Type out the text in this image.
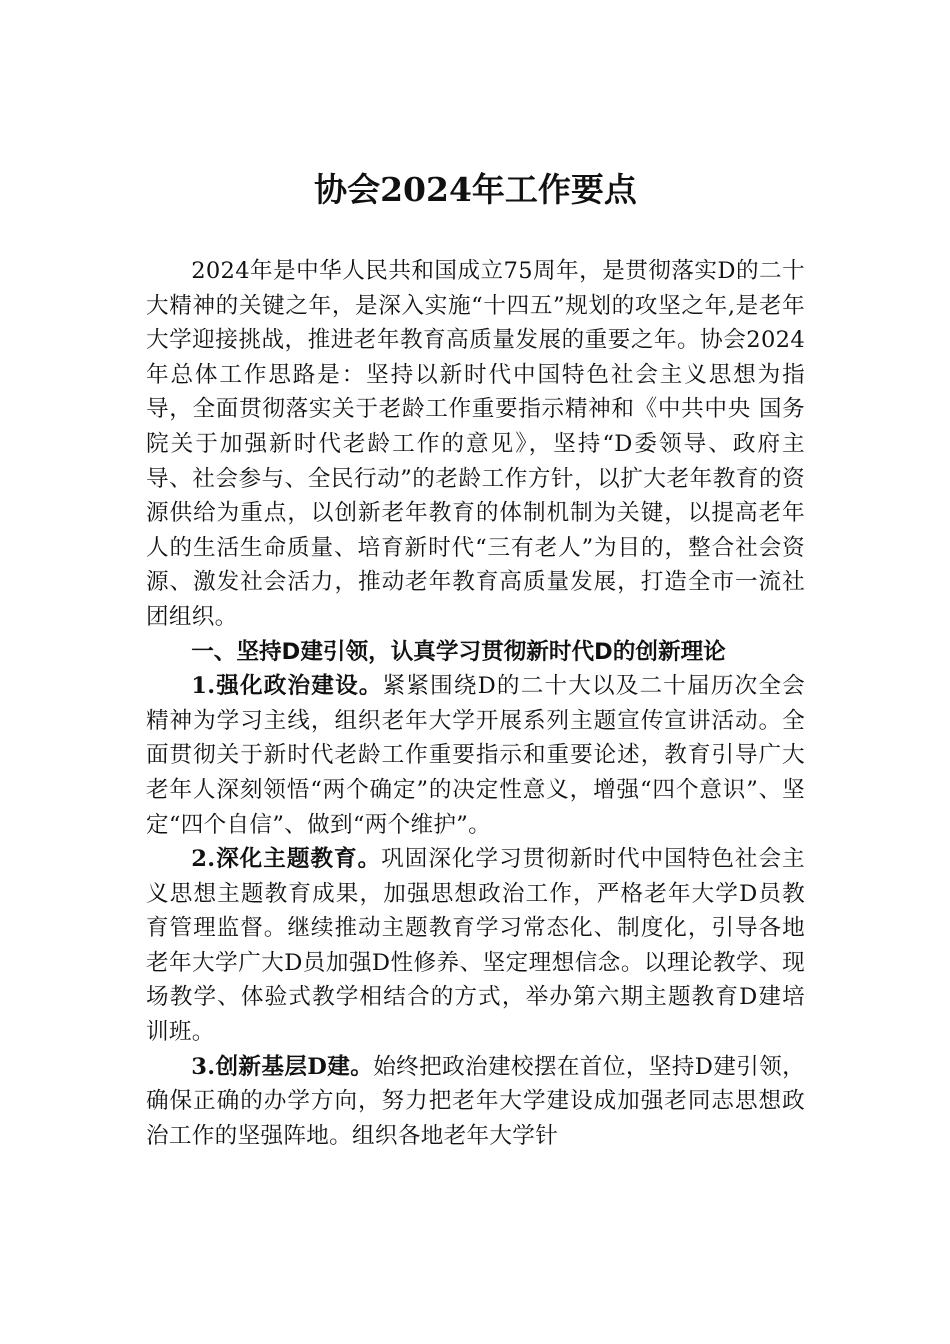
协会2024年工作要点

2024年是中华人民共和国成立75周年，是贯彻落实D的二十大精神的关键之年，是深入实施“十四五”规划的攻坚之年,是老年大学迎接挑战，推进老年教育高质量发展的重要之年。协会2024年总体工作思路是：坚持以新时代中国特色社会主义思想为指导，全面贯彻落实关于老龄工作重要指示精神和《中共中央 国务院关于加强新时代老龄工作的意见》，坚持“D委领导、政府主导、社会参与、全民行动”的老龄工作方针，以扩大老年教育的资源供给为重点，以创新老年教育的体制机制为关键，以提高老年人的生活生命质量、培育新时代“三有老人”为目的，整合社会资源、激发社会活力，推动老年教育高质量发展，打造全市一流社团组织。

一、坚持D建引领，认真学习贯彻新时代D的创新理论

1.强化政治建设。紧紧围绕D的二十大以及二十届历次全会精神为学习主线，组织老年大学开展系列主题宣传宣讲活动。全面贯彻关于新时代老龄工作重要指示和重要论述，教育引导广大老年人深刻领悟“两个确定”的决定性意义，增强“四个意识”、坚定“四个自信”、做到“两个维护”。

2.深化主题教育。巩固深化学习贯彻新时代中国特色社会主义思想主题教育成果，加强思想政治工作，严格老年大学D员教育管理监督。继续推动主题教育学习常态化、制度化，引导各地老年大学广大D员加强D性修养、坚定理想信念。以理论教学、现场教学、体验式教学相结合的方式，举办第六期主题教育D建培训班。

3.创新基层D建。始终把政治建校摆在首位，坚持D建引领，确保正确的办学方向，努力把老年大学建设成加强老同志思想政治工作的坚强阵地。组织各地老年大学针
